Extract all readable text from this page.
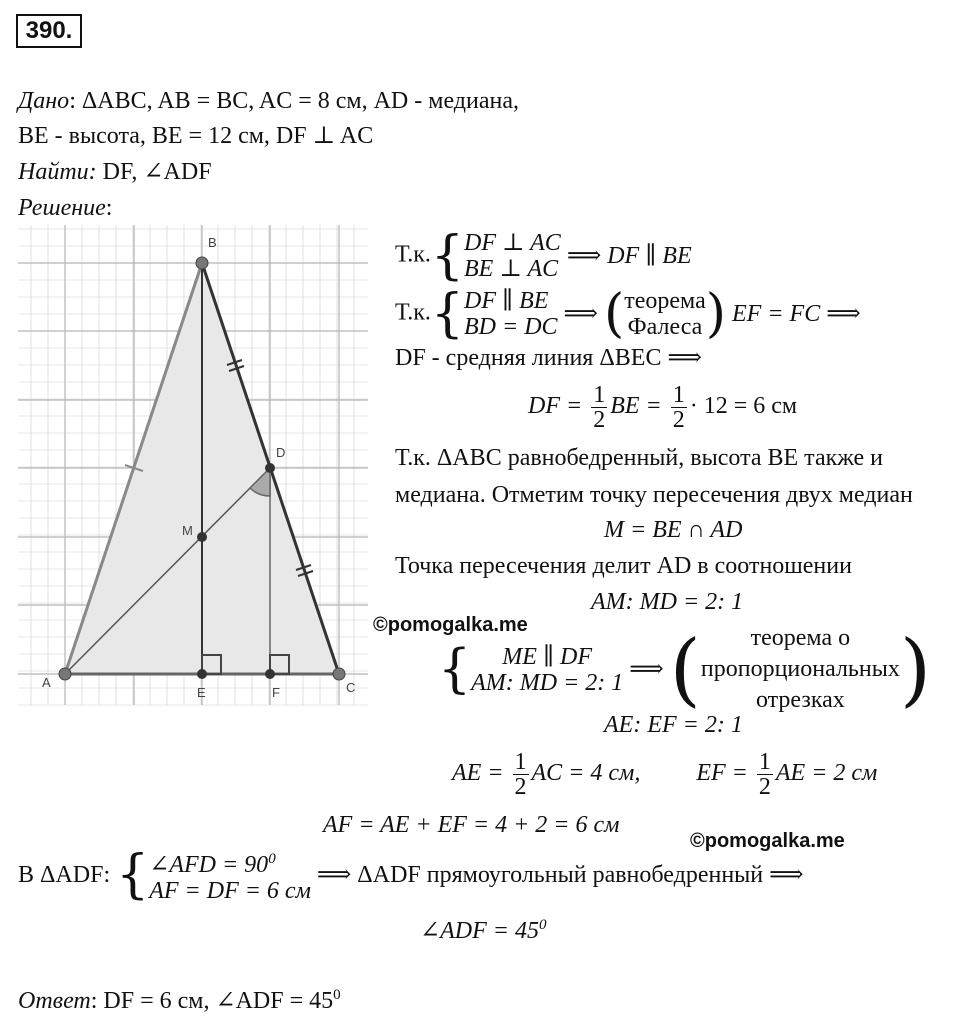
390.
Дано: ΔABC, AB = BC, AC = 8 см, AD - медиана,
BE - высота, BE = 12 см, DF ⊥ AC
Найти: DF, ∠ADF
Решение:
A
B
C
D
M
E	F
Т.к.{DF ⊥ AC
BE ⊥ AC ⟹ DF ∥ BE
Т.к.{DF ∥ BE
BD = DC ⟹ (теорема
Фалеса) EF = FC ⟹
DF - средняя линия ΔBEC ⟹
DF = $\frac{1}{2}$ BE = $\frac{1}{2} \cdot 12 = 6$ см
Т.к. ΔABC равнобедренный, высота BE также и
медиана. Отметим точку пересечения двух медиан
M = BE ∩ AD
Точка пересечения делит AD в соотношении
AM: MD = 2: 1
©pomogalka.me
{ ME ∥ DF
AM: MD = 2: 1 ⟹ ( теорема о
пропорциональных
отрезках )
AE: EF = 2: 1
AE = $\frac{1}{2}$ AC = 4 см, EF = $\frac{1}{2}$ AE = 2 см
AF = AE + EF = 4 + 2 = 6 см
©pomogalka.me
В ΔADF: {∠AFD = $90^0$
AF = DF = 6 см ⟹ ΔADF прямоугольный равнобедренный ⟹
∠ADF = $45^0$
Ответ: DF = 6 см, ∠ADF = $45^0$
